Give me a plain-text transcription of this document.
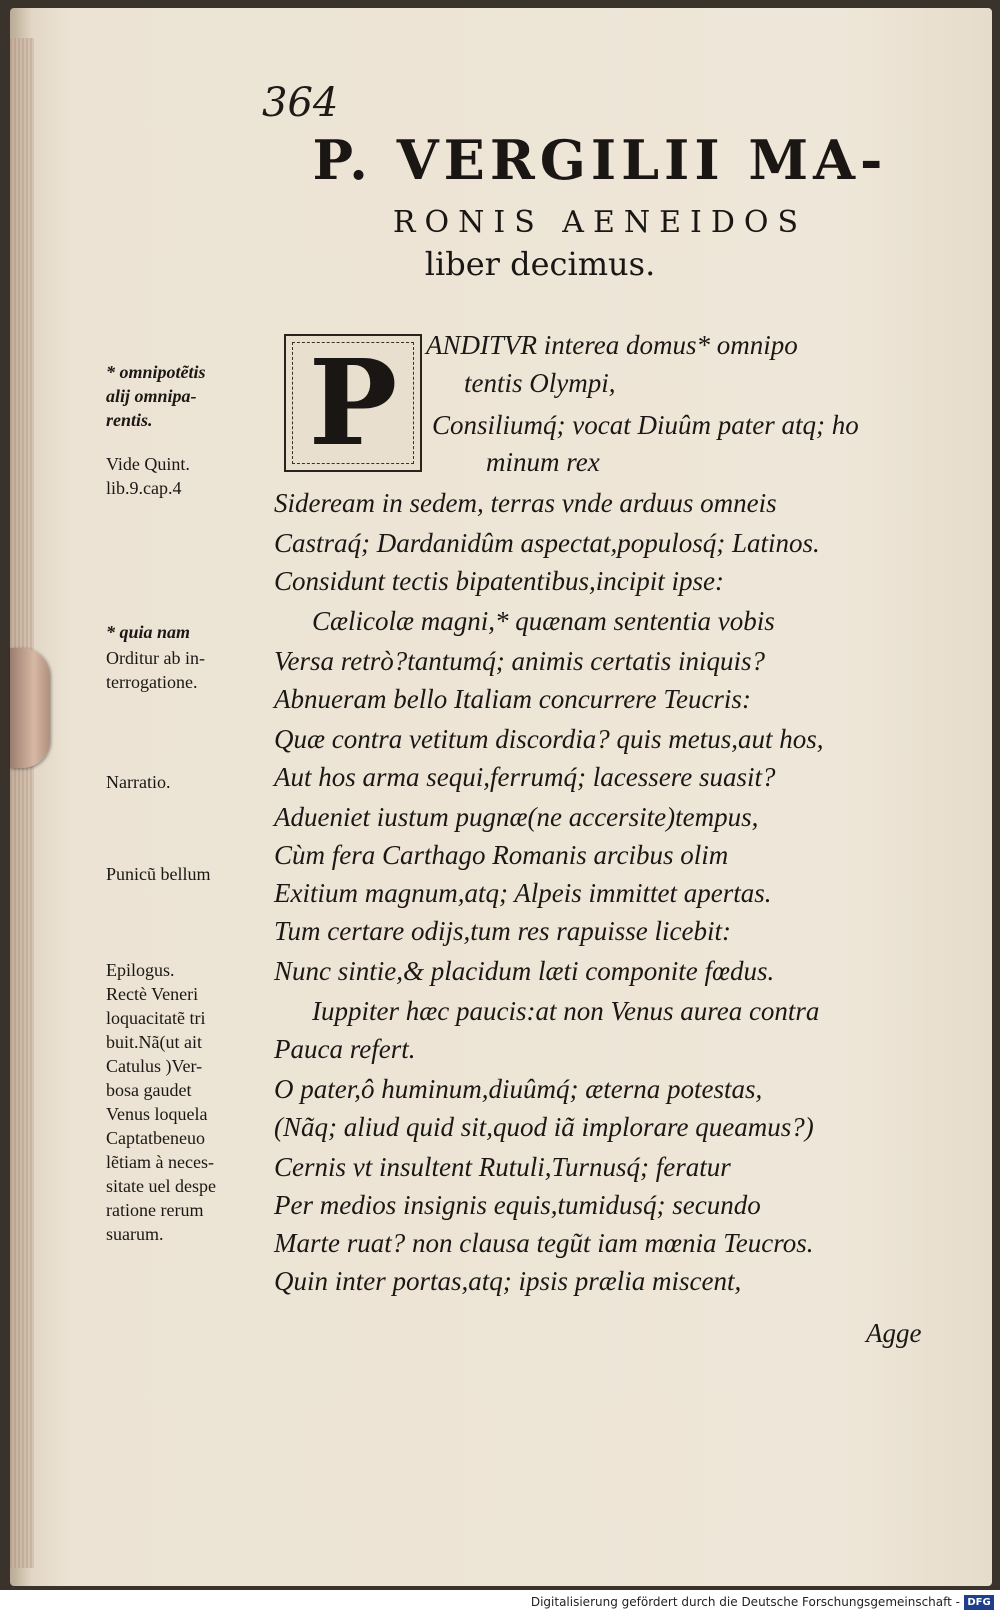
364
P. VERGILII MA-
RONIS AENEIDOS
liber decimus.
P ANDITVR interea domus* omnipo
tentis Olympi,
Consiliumq́; vocat Diuûm pater atq; ho
minum rex
Sideream in sedem, terras vnde arduus omneis
Castraq́; Dardanidûm aspectat,populosq́; Latinos.
Considunt tectis bipatentibus,incipit ipse:
Cælicolæ magni,* quænam sententia vobis
Versa retrò?tantumq́; animis certatis iniquis?
Abnueram bello Italiam concurrere Teucris:
Quæ contra vetitum discordia? quis metus,aut hos,
Aut hos arma sequi,ferrumq́; lacessere suasit?
Adueniet iustum pugnæ(ne accersite)tempus,
Cùm fera Carthago Romanis arcibus olim
Exitium magnum,atq; Alpeis immittet apertas.
Tum certare odijs,tum res rapuisse licebit:
Nunc sintie,& placidum læti componite fœdus.
Iuppiter hæc paucis:at non Venus aurea contra
Pauca refert.
O pater,ô huminum,diuûmq́; æterna potestas,
(Nãq; aliud quid sit,quod iã implorare queamus?)
Cernis vt insultent Rutuli,Turnusq́; feratur
Per medios insignis equis,tumidusq́; secundo
Marte ruat? non clausa tegũt iam mœnia Teucros.
Quin inter portas,atq; ipsis prælia miscent,
Agge
* omnipotẽtis
alij omnipa-
rentis.
Vide Quint.
lib.9.cap.4
* quia nam
Orditur ab in-
terrogatione.
Narratio.
Punicũ bellum
Epilogus.
Rectè Veneri
loquacitatẽ tri
buit.Nã(ut ait
Catulus )Ver-
bosa gaudet
Venus loquela
Captatbeneuo
lẽtiam à neces-
sitate uel despe
ratione rerum
suarum.
Digitalisierung gefördert durch die Deutsche Forschungsgemeinschaft - DFG
